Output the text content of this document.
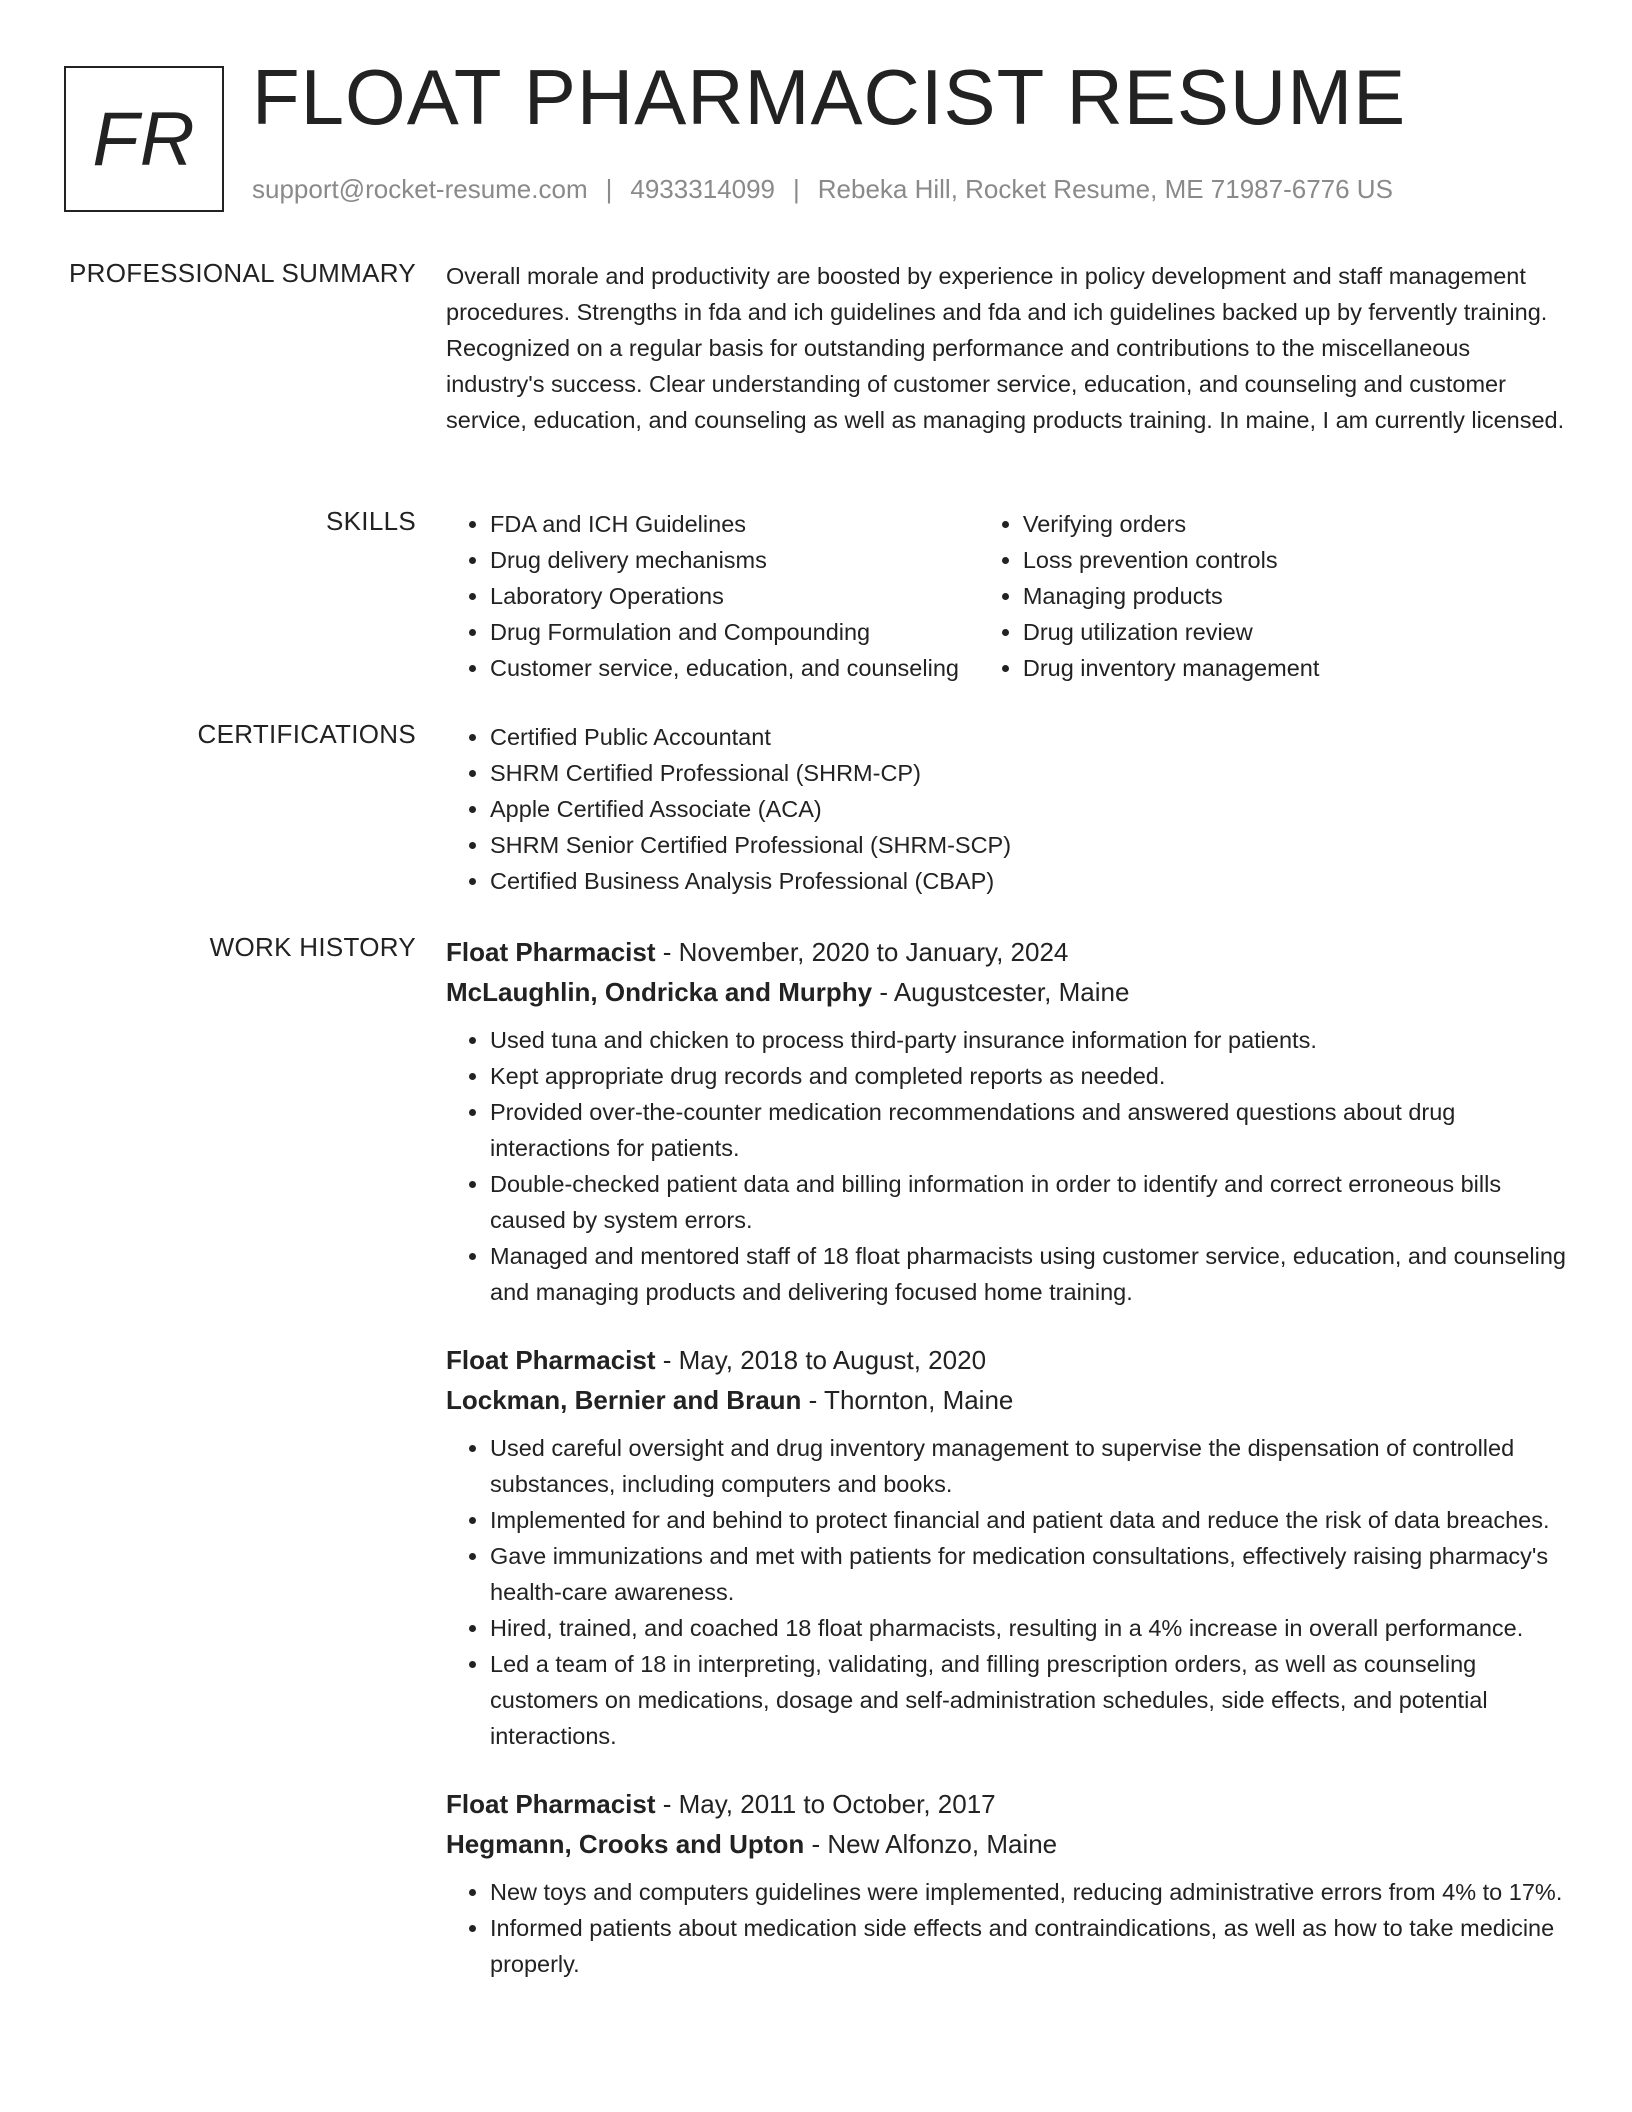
FR FLOAT PHARMACIST RESUME
support@rocket-resume.com | 4933314099 | Rebeka Hill, Rocket Resume, ME 71987-6776 US
PROFESSIONAL SUMMARY Overall morale and productivity are boosted by experience in policy development and staff management procedures. Strengths in fda and ich guidelines and fda and ich guidelines backed up by fervently training. Recognized on a regular basis for outstanding performance and contributions to the miscellaneous industry's success. Clear understanding of customer service, education, and counseling and customer service, education, and counseling as well as managing products training. In maine, I am currently licensed.

SKILLS	• FDA and ICH Guidelines
• Drug delivery mechanisms
• Laboratory Operations
• Drug Formulation and Compounding
• Customer service, education, and counseling
• Verifying orders
• Loss prevention controls
• Managing products
• Drug utilization review
• Drug inventory management
CERTIFICATIONS	• Certified Public Accountant
• SHRM Certified Professional (SHRM-CP)
• Apple Certified Associate (ACA)
• SHRM Senior Certified Professional (SHRM-SCP)
• Certified Business Analysis Professional (CBAP)
WORK HISTORY Float Pharmacist - November, 2020 to January, 2024
McLaughlin, Ondricka and Murphy - Augustcester, Maine
• Used tuna and chicken to process third-party insurance information for patients.
• Kept appropriate drug records and completed reports as needed.
• Provided over-the-counter medication recommendations and answered questions about drug interactions for patients.
• Double-checked patient data and billing information in order to identify and correct erroneous bills caused by system errors.
• Managed and mentored staff of 18 float pharmacists using customer service, education, and counseling and managing products and delivering focused home training.
Float Pharmacist - May, 2018 to August, 2020
Lockman, Bernier and Braun - Thornton, Maine
• Used careful oversight and drug inventory management to supervise the dispensation of controlled substances, including computers and books.
• Implemented for and behind to protect financial and patient data and reduce the risk of data breaches.
• Gave immunizations and met with patients for medication consultations, effectively raising pharmacy's health-care awareness.
• Hired, trained, and coached 18 float pharmacists, resulting in a 4% increase in overall performance.
• Led a team of 18 in interpreting, validating, and filling prescription orders, as well as counseling customers on medications, dosage and self-administration schedules, side effects, and potential interactions.
Float Pharmacist - May, 2011 to October, 2017
Hegmann, Crooks and Upton - New Alfonzo, Maine
• New toys and computers guidelines were implemented, reducing administrative errors from 4% to 17%.
• Informed patients about medication side effects and contraindications, as well as how to take medicine properly.
